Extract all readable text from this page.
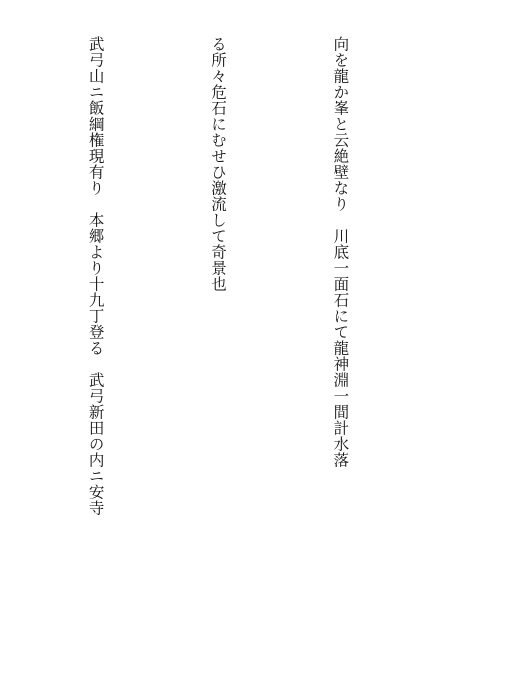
向を龍か峯と云絶壁なり　川底一面石にて龍神淵一間計水落

る所々危石にむせひ激流して奇景也

武弓山ニ飯綱権現有り　本郷より十九丁登る　武弓新田の内ニ安寺
